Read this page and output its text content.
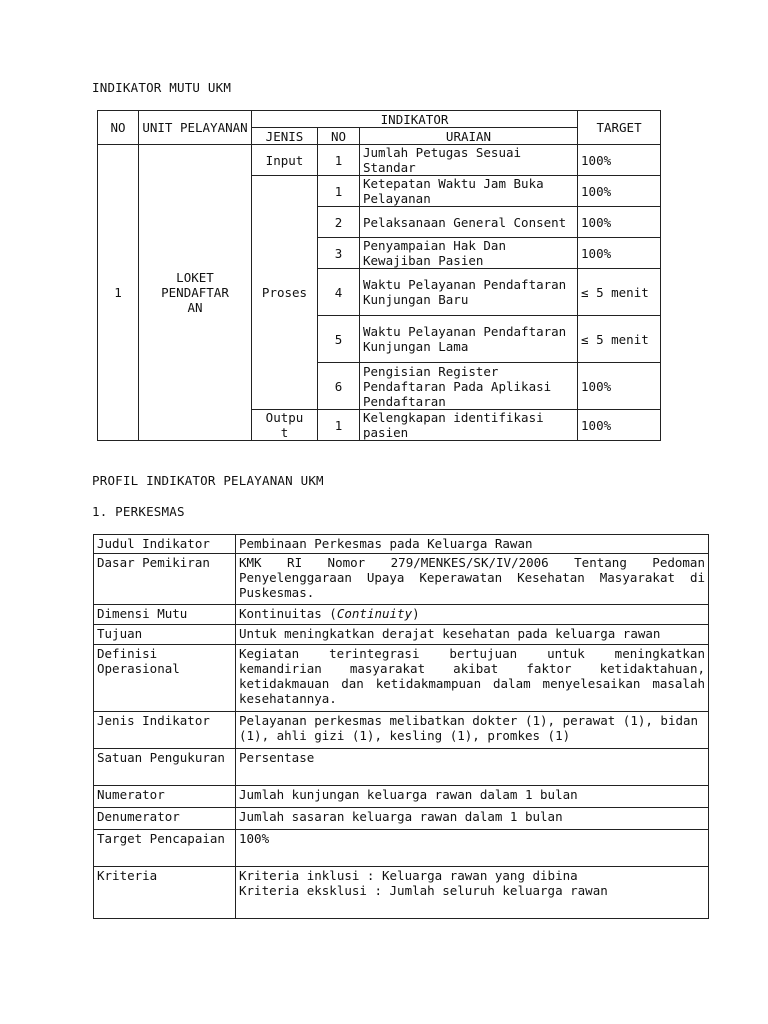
INDIKATOR MUTU UKM
NO	UNIT PELAYANAN	INDIKATOR			TARGET
		JENIS	NO	URAIAN	
1	LOKET PENDAFTAR AN	Input	1	Jumlah Petugas Sesuai Standar	100%
		Proses	1	Ketepatan Waktu Jam Buka Pelayanan	100%
			2	Pelaksanaan General Consent	100%
			3	Penyampaian Hak Dan Kewajiban Pasien	100%
			4	Waktu Pelayanan Pendaftaran Kunjungan Baru	≤ 5 menit
			5	Waktu Pelayanan Pendaftaran Kunjungan Lama	≤ 5 menit
			6	Pengisian Register Pendaftaran Pada Aplikasi Pendaftaran	100%
		Outpu t	1	Kelengkapan identifikasi pasien	100%
PROFIL INDIKATOR PELAYANAN UKM
1. PERKESMAS
Judul Indikator	Pembinaan Perkesmas pada Keluarga Rawan
Dasar Pemikiran	KMK RI Nomor 279/MENKES/SK/IV/2006 Tentang Pedoman Penyelenggaraan Upaya Keperawatan Kesehatan Masyarakat di Puskesmas.
Dimensi Mutu	Kontinuitas (Continuity)
Tujuan	Untuk meningkatkan derajat kesehatan pada keluarga rawan
Definisi Operasional	Kegiatan terintegrasi bertujuan untuk meningkatkan kemandirian masyarakat akibat faktor ketidaktahuan, ketidakmauan dan ketidakmampuan dalam menyelesaikan masalah kesehatannya.
Jenis Indikator	Pelayanan perkesmas melibatkan dokter (1), perawat (1), bidan (1), ahli gizi (1), kesling (1), promkes (1)
Satuan Pengukuran	Persentase
Numerator	Jumlah kunjungan keluarga rawan dalam 1 bulan
Denumerator	Jumlah sasaran keluarga rawan dalam 1 bulan
Target Pencapaian	100%
Kriteria	Kriteria inklusi : Keluarga rawan yang dibina
Kriteria eksklusi : Jumlah seluruh keluarga rawan
